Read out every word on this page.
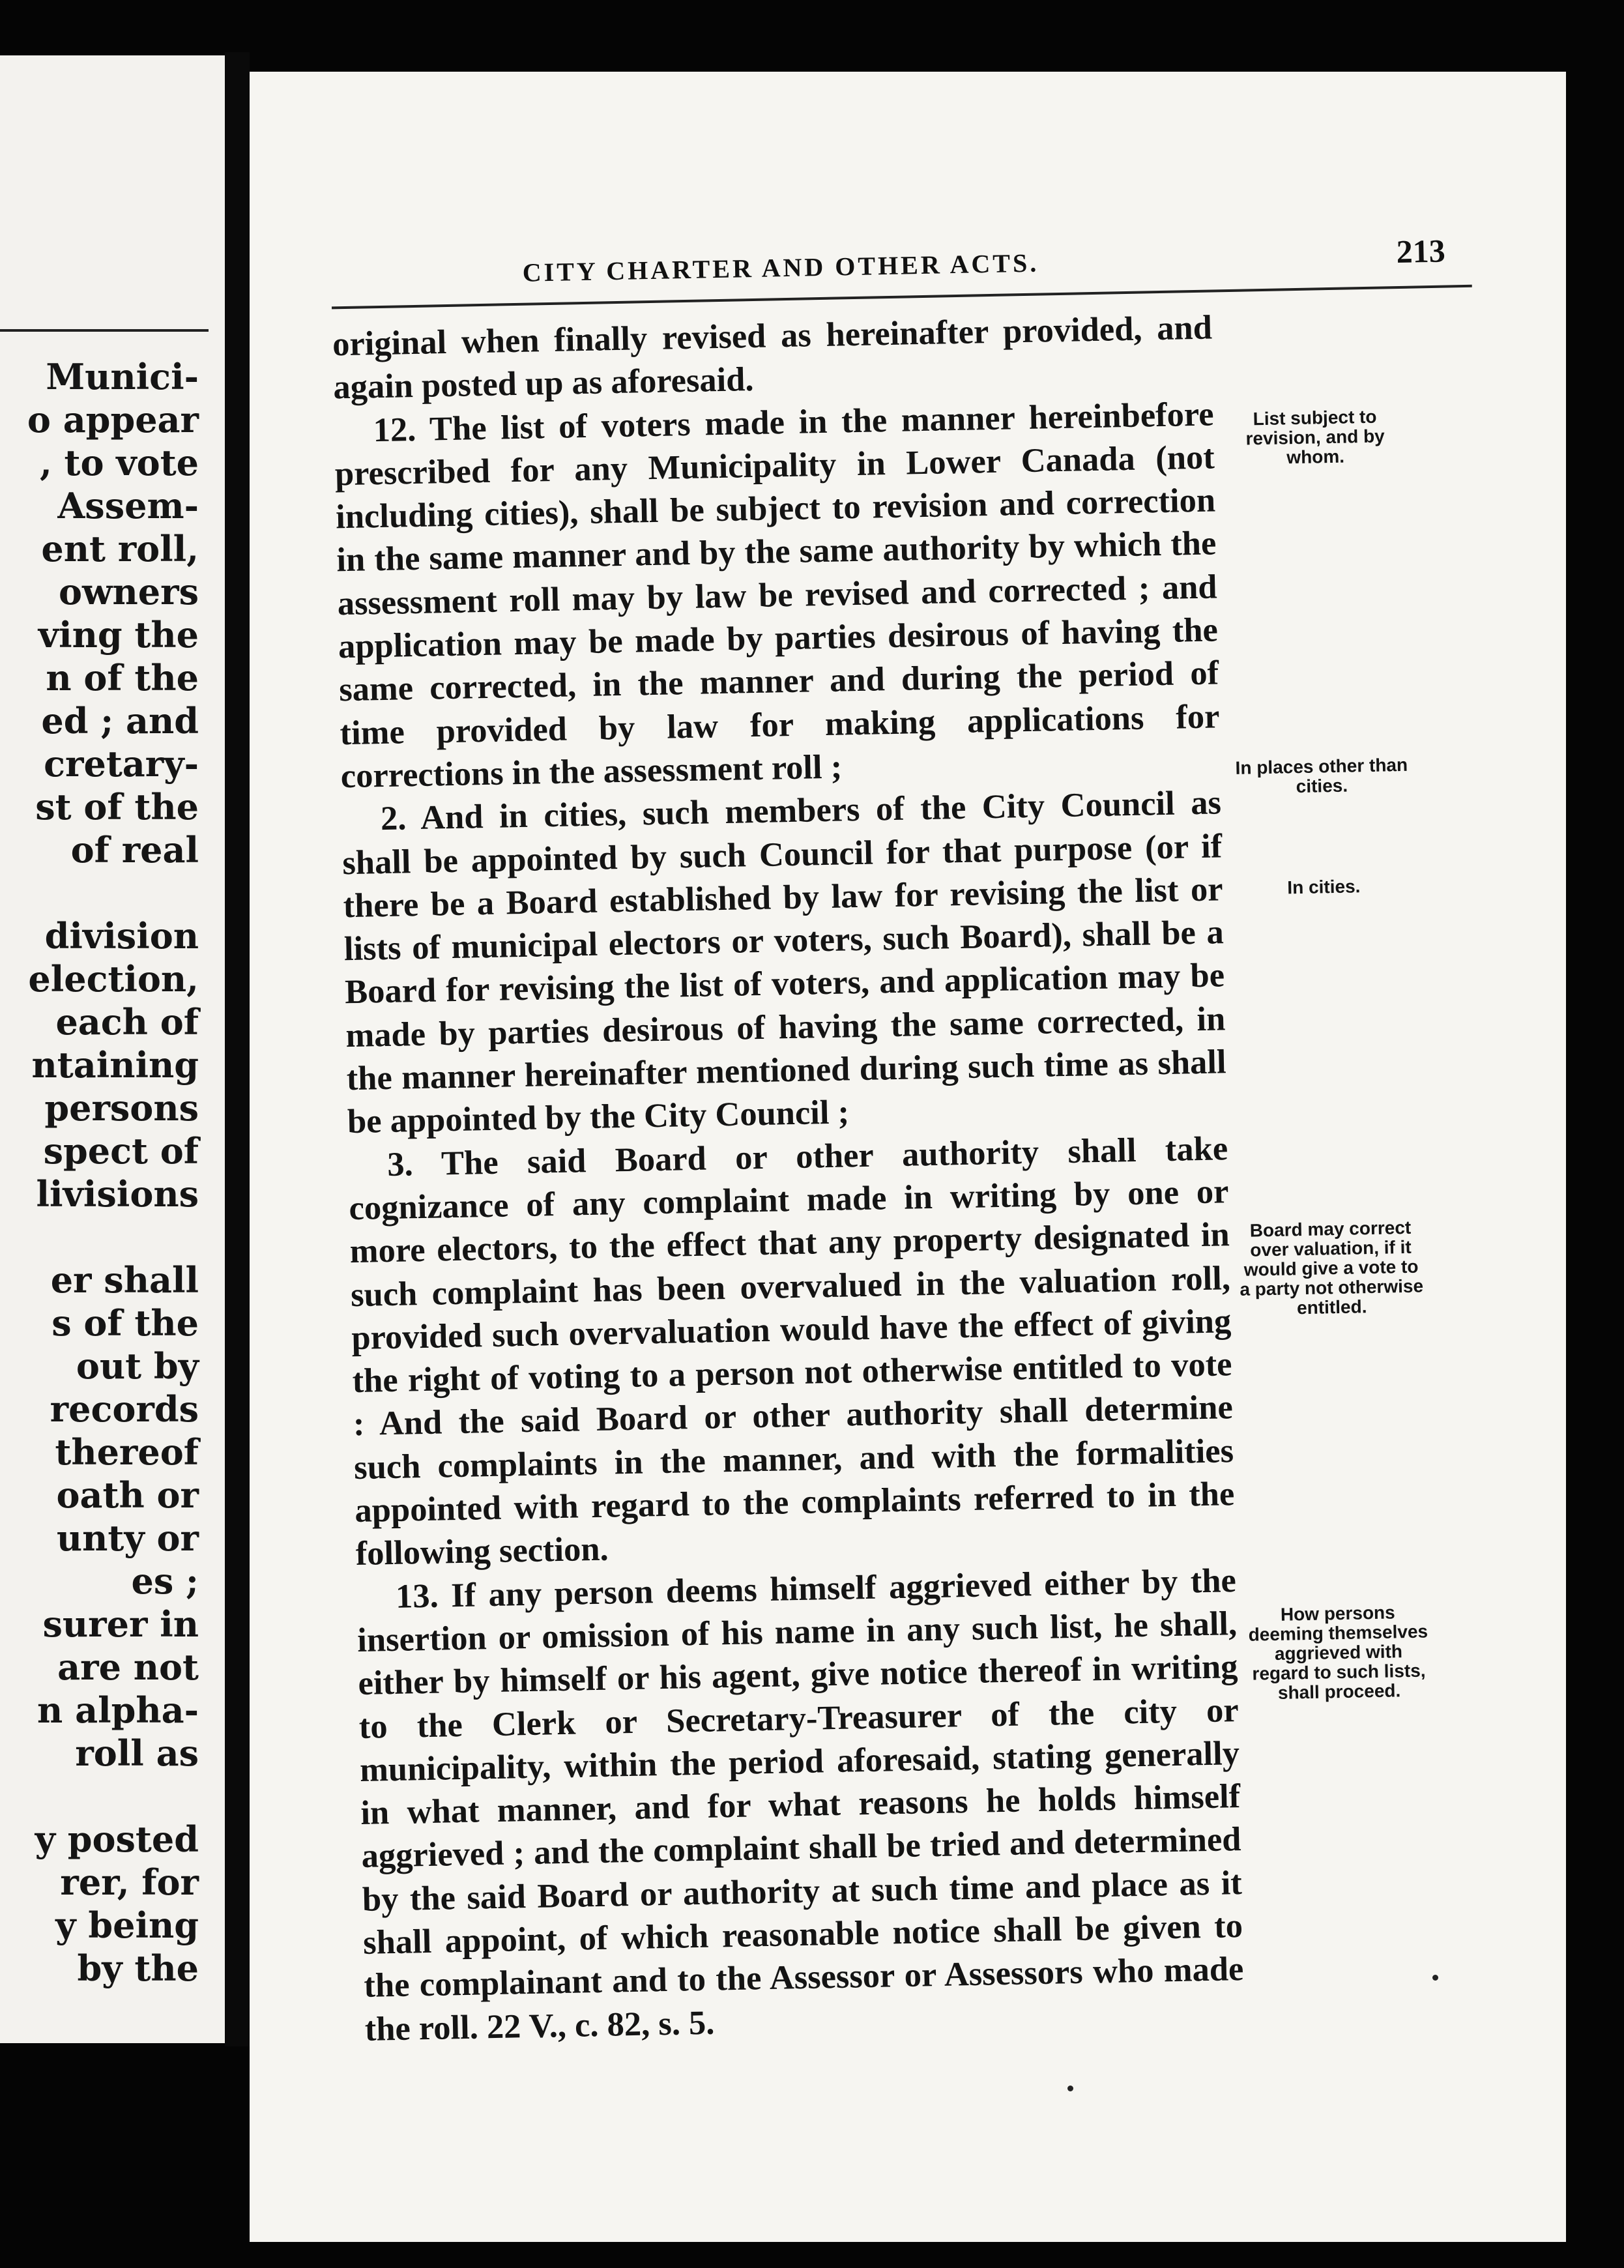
Munici-
o appear
, to vote
Assem-
ent roll,
owners
ving the
n of the
ed ; and
cretary-
st of the
of real
division
election,
each of
ntaining
persons
spect of
livisions
er shall
s of the
out by
records
thereof
oath or
unty or
es ;
surer in
are not
n alpha-
roll as
y posted
rer, for
y being
by the
CITY CHARTER AND OTHER ACTS.	213

original when finally revised as hereinafter provided, and again posted up as aforesaid.

12. The list of voters made in the manner hereinbefore prescribed for any Municipality in Lower Canada (not including cities), shall be subject to revision and correction in the same manner and by the same authority by which the assessment roll may by law be revised and corrected ; and application may be made by parties desirous of having the same corrected, in the manner and during the period of time provided by law for making applications for corrections in the assessment roll ;

2. And in cities, such members of the City Council as shall be appointed by such Council for that purpose (or if there be a Board established by law for revising the list or lists of municipal electors or voters, such Board), shall be a Board for revising the list of voters, and application may be made by parties desirous of having the same corrected, in the manner hereinafter mentioned during such time as shall be appointed by the City Council ;

3. The said Board or other authority shall take cognizance of any complaint made in writing by one or more electors, to the effect that any property designated in such complaint has been overvalued in the valuation roll, provided such overvaluation would have the effect of giving the right of voting to a person not otherwise entitled to vote : And the said Board or other authority shall determine such complaints in the manner, and with the formalities appointed with regard to the complaints referred to in the following section.

13. If any person deems himself aggrieved either by the insertion or omission of his name in any such list, he shall, either by himself or his agent, give notice thereof in writing to the Clerk or Secretary-Treasurer of the city or municipality, within the period aforesaid, stating generally in what manner, and for what reasons he holds himself aggrieved ; and the complaint shall be tried and determined by the said Board or authority at such time and place as it shall appoint, of which reasonable notice shall be given to the complainant and to the Assessor or Assessors who made the roll. 22 V., c. 82, s. 5.

List subject to revision, and by whom.
In places other than cities.
In cities.
Board may correct over valuation, if it would give a vote to a party not otherwise entitled.
How persons deeming themselves aggrieved with regard to such lists, shall proceed.
